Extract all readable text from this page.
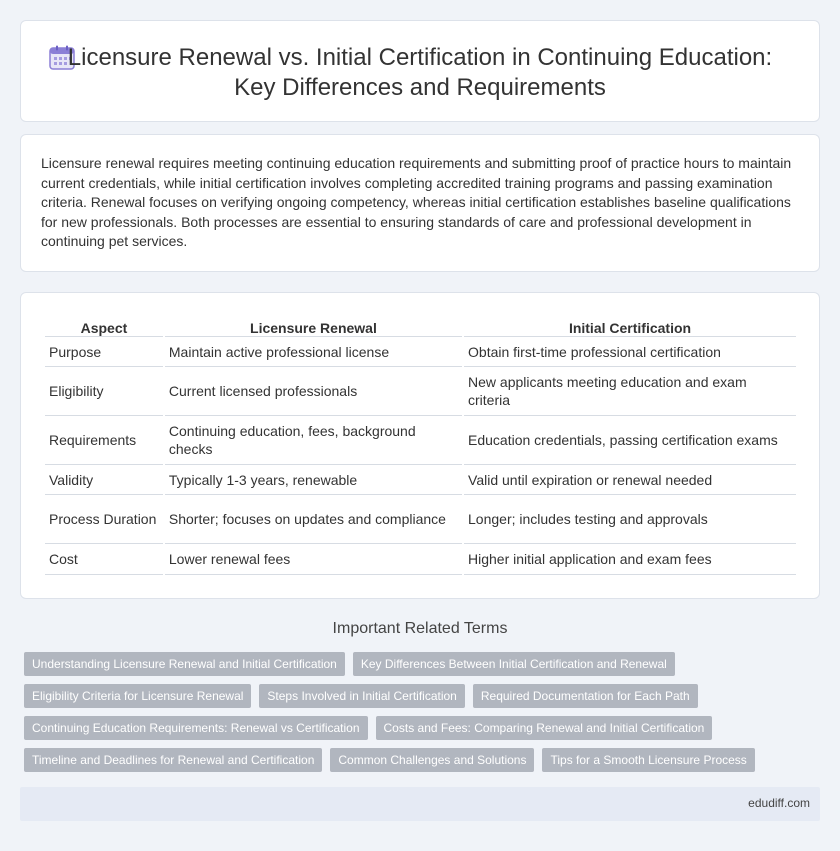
Licensure Renewal vs. Initial Certification in Continuing Education: Key Differences and Requirements

Licensure renewal requires meeting continuing education requirements and submitting proof of practice hours to maintain current credentials, while initial certification involves completing accredited training programs and passing examination criteria. Renewal focuses on verifying ongoing competency, whereas initial certification establishes baseline qualifications for new professionals. Both processes are essential to ensuring standards of care and professional development in continuing pet services.

Aspect	Licensure Renewal	Initial Certification
Purpose	Maintain active professional license	Obtain first-time professional certification
Eligibility	Current licensed professionals	New applicants meeting education and exam criteria
Requirements	Continuing education, fees, background checks	Education credentials, passing certification exams
Validity	Typically 1-3 years, renewable	Valid until expiration or renewal needed
Process Duration	Shorter; focuses on updates and compliance	Longer; includes testing and approvals
Cost	Lower renewal fees	Higher initial application and exam fees
Important Related Terms
Understanding Licensure Renewal and Initial Certification	Key Differences Between Initial Certification and Renewal
Eligibility Criteria for Licensure Renewal	Steps Involved in Initial Certification	Required Documentation for Each Path
Continuing Education Requirements: Renewal vs Certification	Costs and Fees: Comparing Renewal and Initial Certification
Timeline and Deadlines for Renewal and Certification	Common Challenges and Solutions	Tips for a Smooth Licensure Process
edudiff.com
